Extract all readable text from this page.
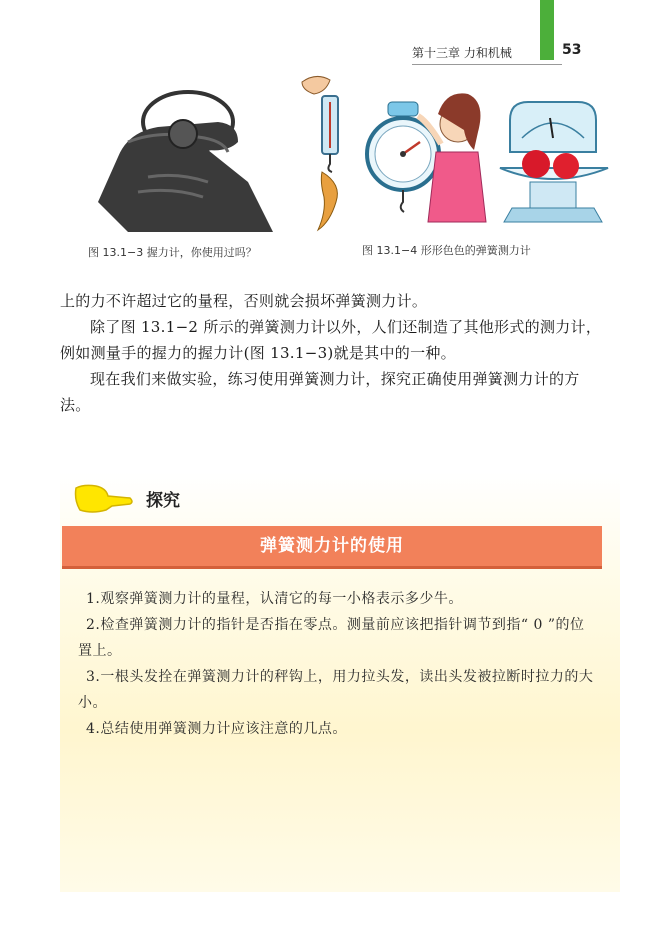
第十三章 力和机械	53
图 13.1−3 握力计，你使用过吗？	图 13.1−4 形形色色的弹簧测力计

上的力不许超过它的量程，否则就会损坏弹簧测力计。

除了图 13.1−2 所示的弹簧测力计以外，人们还制造了其他形式的测力计，例如测量手的握力的握力计(图 13.1−3)就是其中的一种。

现在我们来做实验，练习使用弹簧测力计，探究正确使用弹簧测力计的方法。

探究
弹簧测力计的使用

1.观察弹簧测力计的量程，认清它的每一小格表示多少牛。

2.检查弹簧测力计的指针是否指在零点。测量前应该把指针调节到指“ 0 ”的位置上。

3.一根头发拴在弹簧测力计的秤钩上，用力拉头发，读出头发被拉断时拉力的大小。

4.总结使用弹簧测力计应该注意的几点。
